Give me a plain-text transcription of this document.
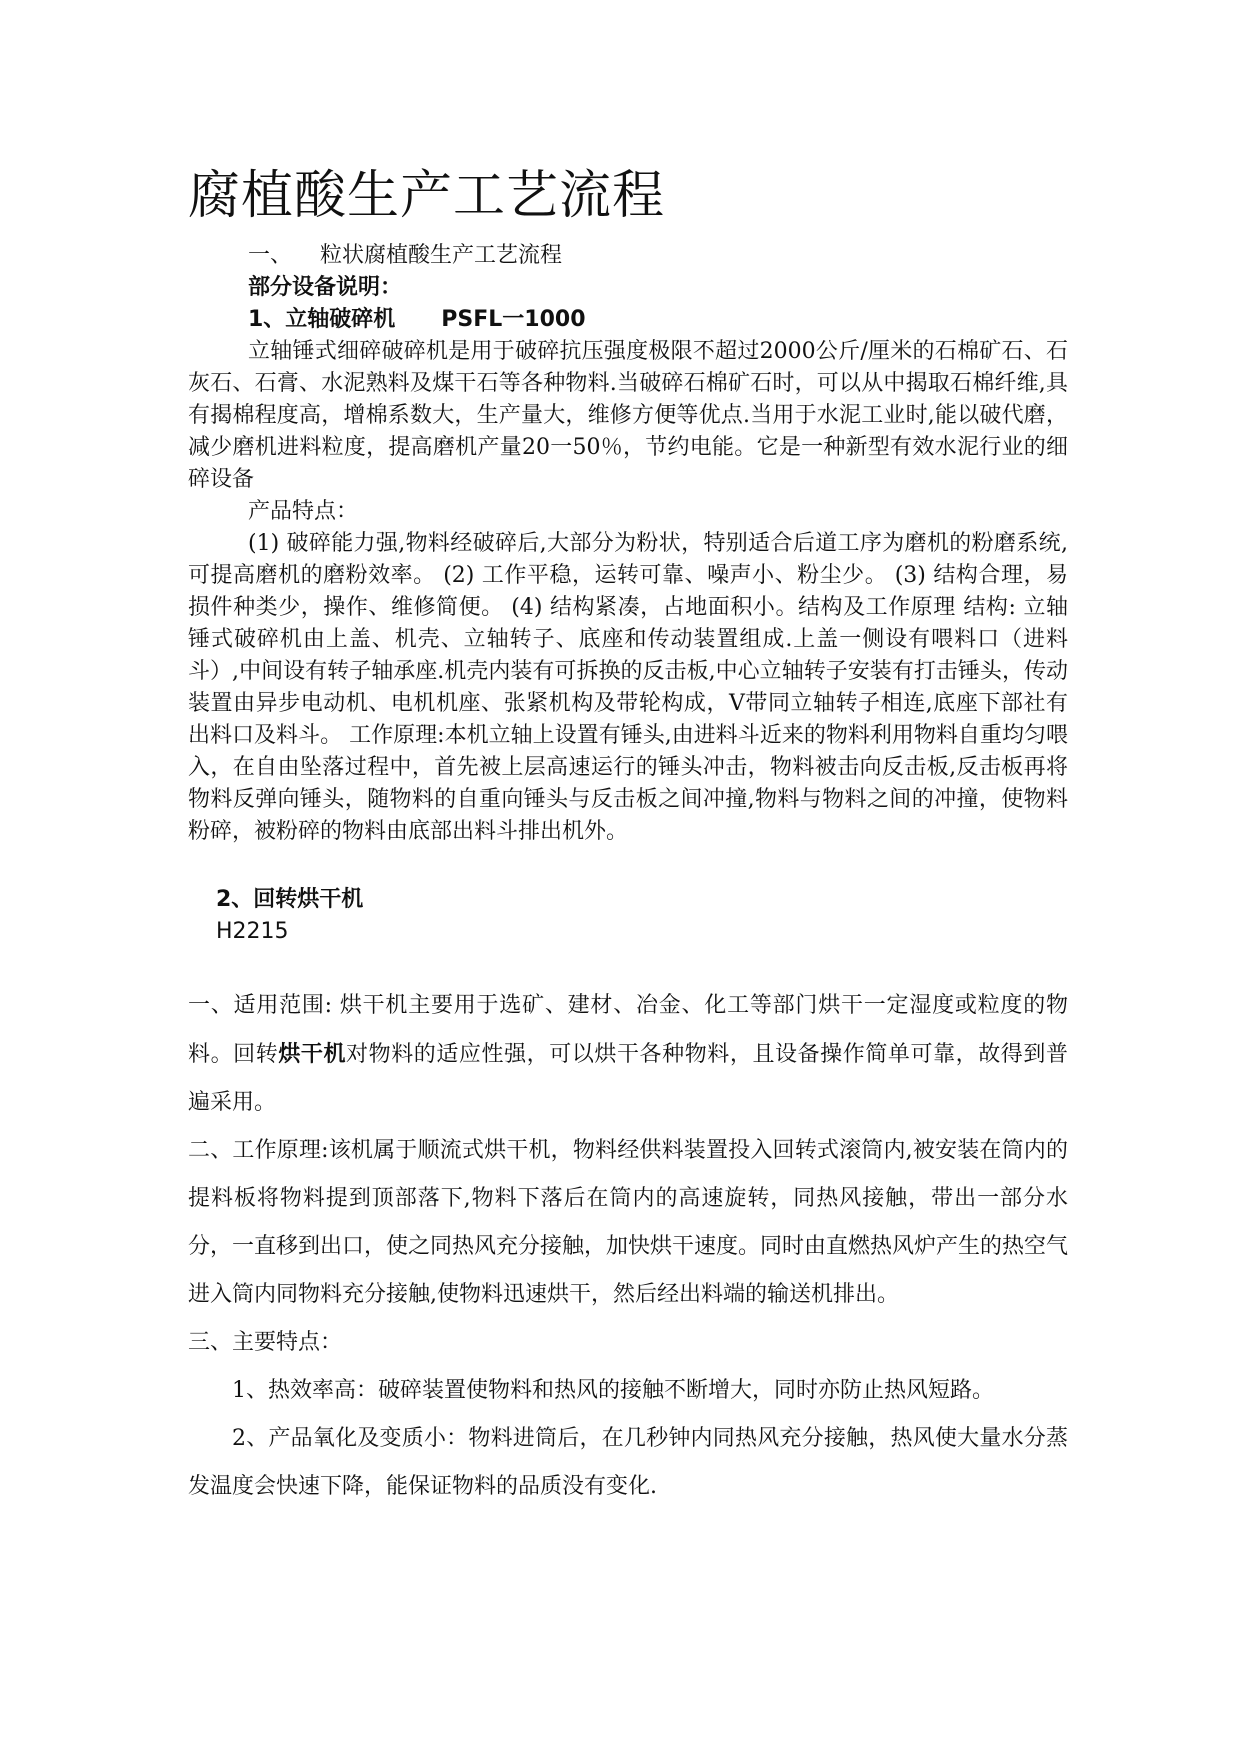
腐植酸生产工艺流程
一、    粒状腐植酸生产工艺流程
部分设备说明：
1、立轴破碎机      PSFL一1000

立轴锤式细碎破碎机是用于破碎抗压强度极限不超过2000公斤/厘米的石棉矿石、石灰石、石膏、水泥熟料及煤干石等各种物料.当破碎石棉矿石时，可以从中揭取石棉纤维,具有揭棉程度高，增棉系数大，生产量大，维修方便等优点.当用于水泥工业时,能以破代磨，减少磨机进料粒度，提高磨机产量20一50％，节约电能。它是一种新型有效水泥行业的细碎设备

产品特点：

(1) 破碎能力强,物料经破碎后,大部分为粉状，特别适合后道工序为磨机的粉磨系统,可提高磨机的磨粉效率。 (2) 工作平稳，运转可靠、噪声小、粉尘少。 (3) 结构合理，易损件种类少，操作、维修简便。 (4) 结构紧凑，占地面积小。结构及工作原理 结构: 立轴锤式破碎机由上盖、机壳、立轴转子、底座和传动装置组成.上盖一侧设有喂料口（进料斗）,中间设有转子轴承座.机壳内装有可拆换的反击板,中心立轴转子安装有打击锤头，传动装置由异步电动机、电机机座、张紧机构及带轮构成，V带同立轴转子相连,底座下部社有出料口及料斗。 工作原理:本机立轴上设置有锤头,由进料斗近来的物料利用物料自重均匀喂入，在自由坠落过程中，首先被上层高速运行的锤头冲击，物料被击向反击板,反击板再将物料反弹向锤头，随物料的自重向锤头与反击板之间冲撞,物料与物料之间的冲撞，使物料粉碎，被粉碎的物料由底部出料斗排出机外。

2、回转烘干机
H2215

一、适用范围: 烘干机主要用于选矿、建材、冶金、化工等部门烘干一定湿度或粒度的物料。回转烘干机对物料的适应性强，可以烘干各种物料，且设备操作简单可靠，故得到普遍采用。

二、工作原理:该机属于顺流式烘干机，物料经供料装置投入回转式滚筒内,被安装在筒内的提料板将物料提到顶部落下,物料下落后在筒内的高速旋转，同热风接触，带出一部分水分，一直移到出口，使之同热风充分接触，加快烘干速度。同时由直燃热风炉产生的热空气进入筒内同物料充分接触,使物料迅速烘干，然后经出料端的输送机排出。

三、主要特点：

1、热效率高：破碎装置使物料和热风的接触不断增大，同时亦防止热风短路。

2、产品氧化及变质小：物料进筒后，在几秒钟内同热风充分接触，热风使大量水分蒸发温度会快速下降，能保证物料的品质没有变化.
